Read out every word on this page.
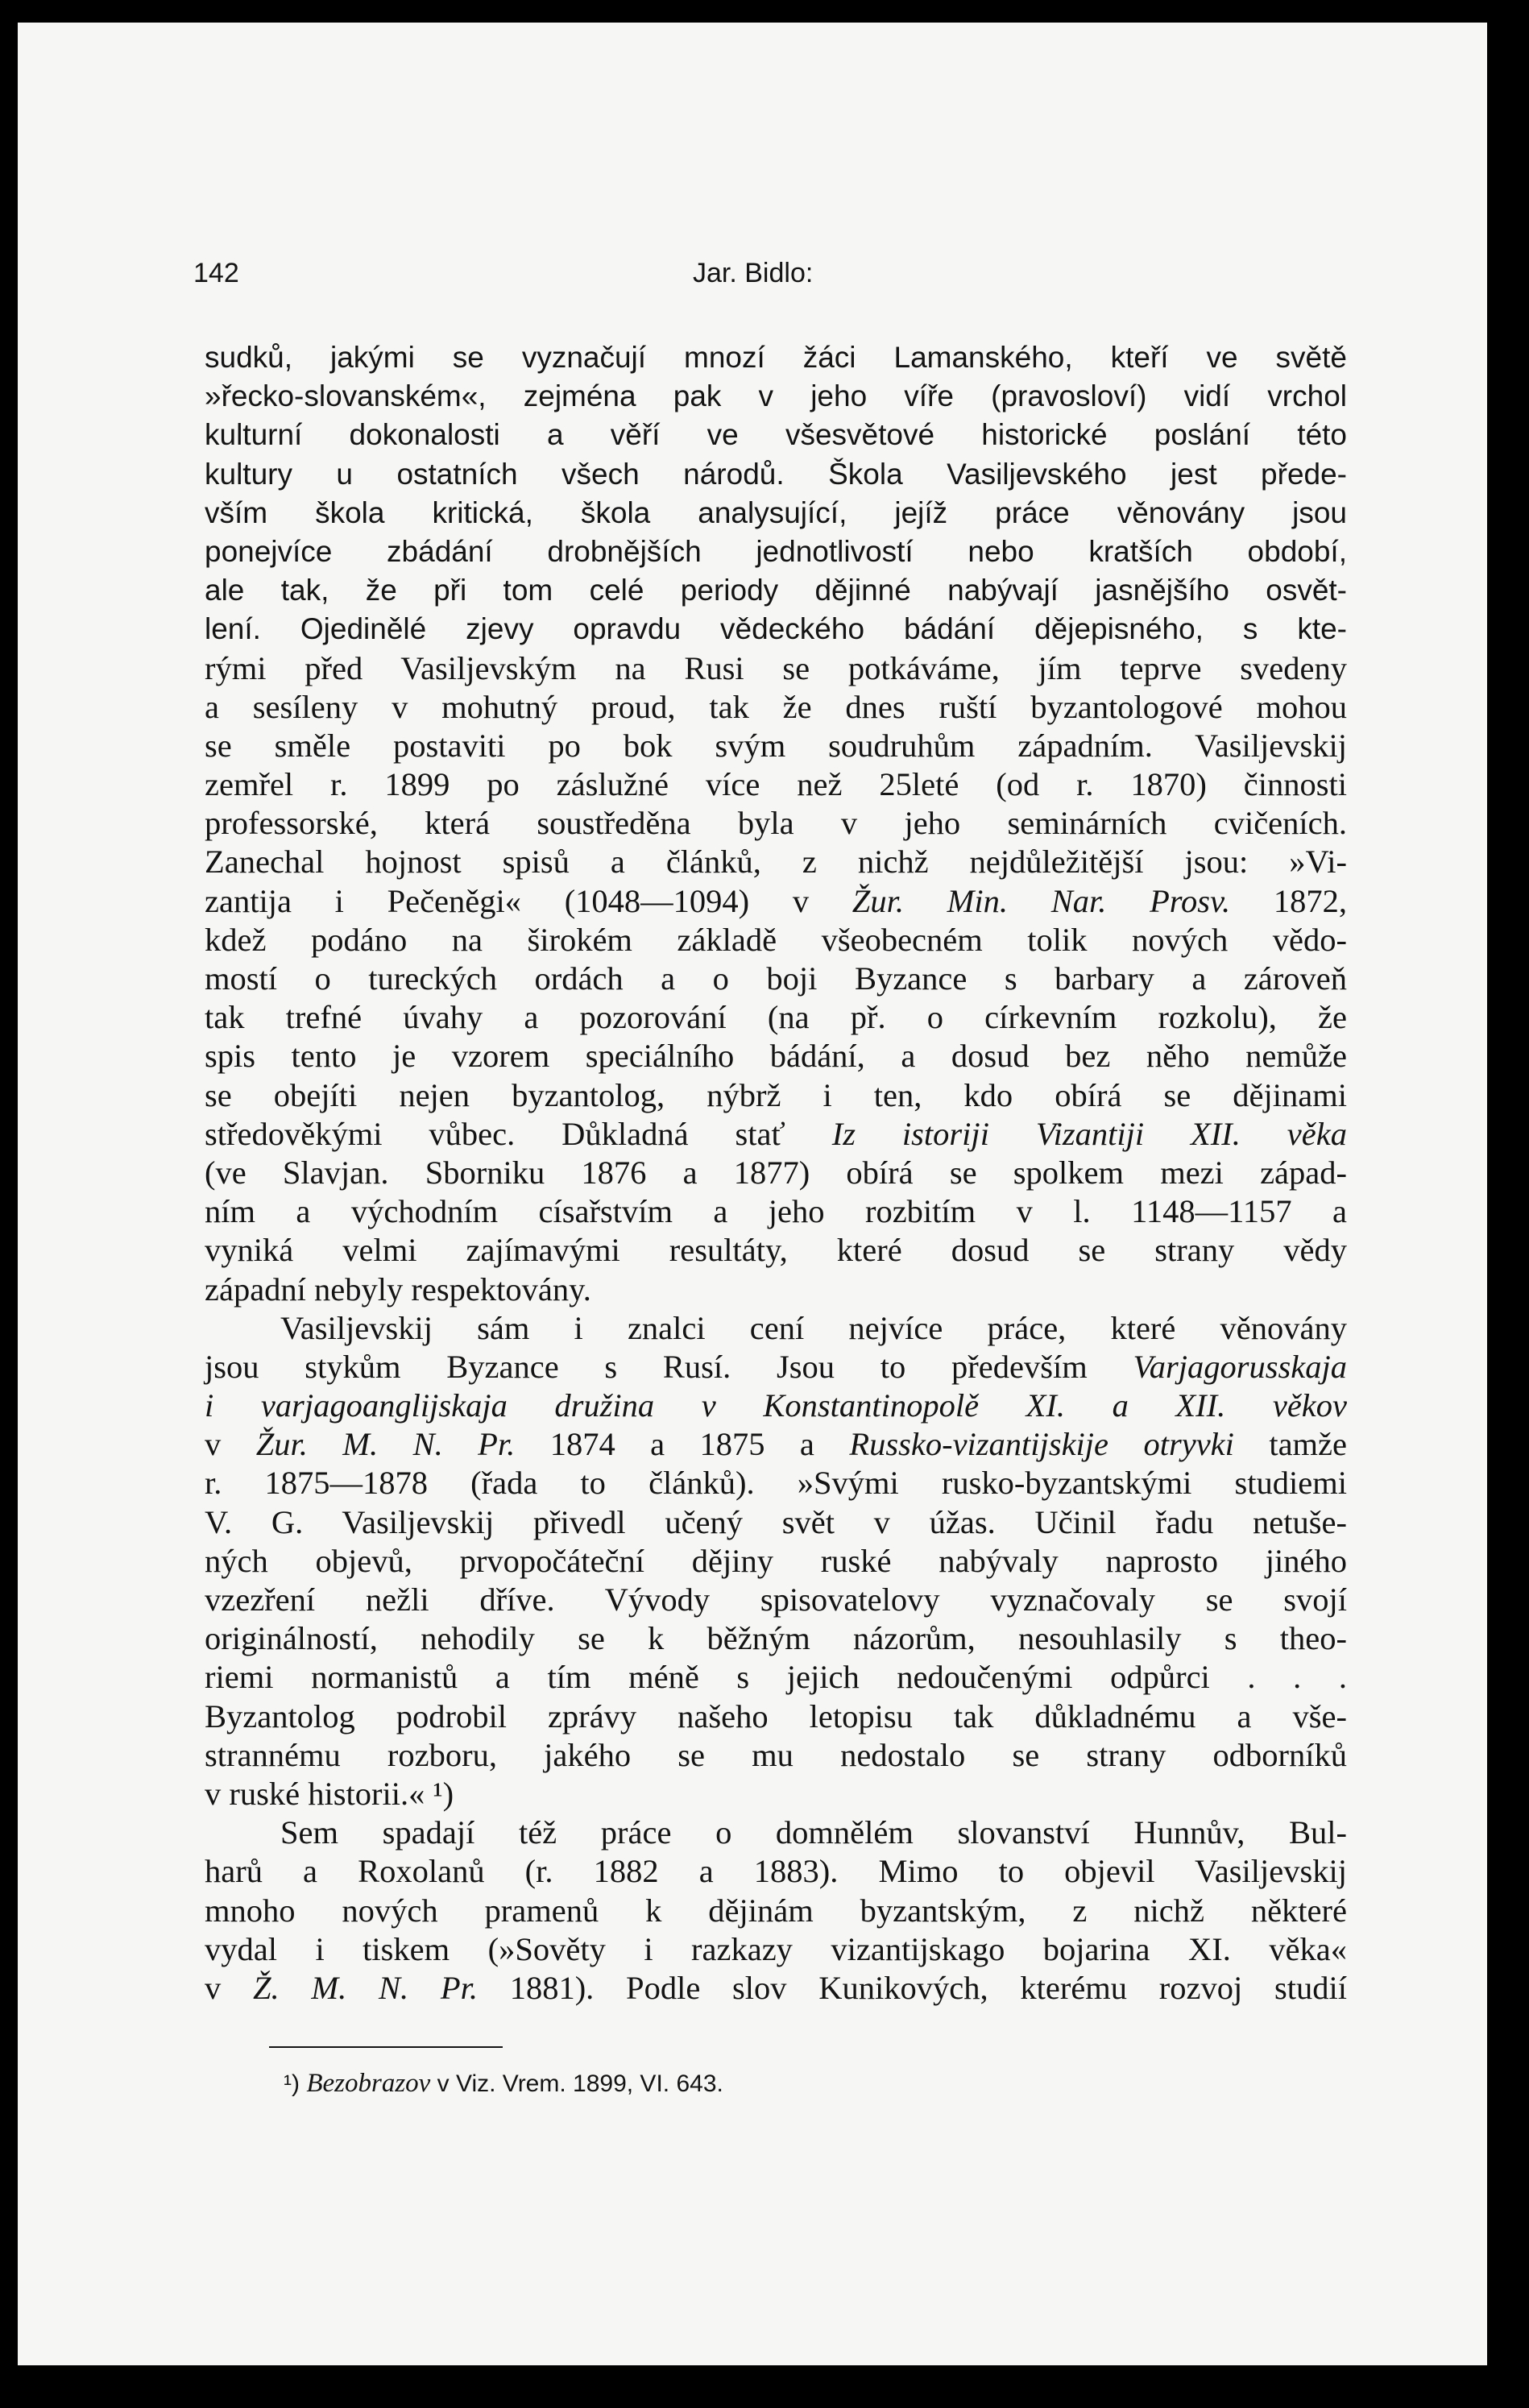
142	Jar. Bidlo:
sudků, jakými se vyznačují mnozí žáci Lamanského, kteří ve světě
»řecko-slovanském«, zejména pak v jeho víře (pravosloví) vidí vrchol
kulturní dokonalosti a věří ve všesvětové historické poslání této
kultury u ostatních všech národů. Škola Vasiljevského jest přede-
vším škola kritická, škola analysující, jejíž práce věnovány jsou
ponejvíce zbádání drobnějších jednotlivostí nebo kratších období,
ale tak, že při tom celé periody dějinné nabývají jasnějšího osvět-
lení. Ojedinělé zjevy opravdu vědeckého bádání dějepisného, s kte-
rými před Vasiljevským na Rusi se potkáváme, jím teprve svedeny
a sesíleny v mohutný proud, tak že dnes ruští byzantologové mohou
se směle postaviti po bok svým soudruhům západním. Vasiljevskij
zemřel r. 1899 po záslužné více než 25leté (od r. 1870) činnosti
professorské, která soustředěna byla v jeho seminárních cvičeních.
Zanechal hojnost spisů a článků, z nichž nejdůležitější jsou: »Vi-
zantija i Pečeněgi« (1048—1094) v Žur. Min. Nar. Prosv. 1872,
kdež podáno na širokém základě všeobecném tolik nových vědo-
mostí o tureckých ordách a o boji Byzance s barbary a zároveň
tak trefné úvahy a pozorování (na př. o církevním rozkolu), že
spis tento je vzorem speciálního bádání, a dosud bez něho nemůže
se obejíti nejen byzantolog, nýbrž i ten, kdo obírá se dějinami
středověkými vůbec. Důkladná stať Iz istoriji Vizantiji XII. věka
(ve Slavjan. Sborniku 1876 a 1877) obírá se spolkem mezi západ-
ním a východním císařstvím a jeho rozbitím v l. 1148—1157 a
vyniká velmi zajímavými resultáty, které dosud se strany vědy
západní nebyly respektovány.
Vasiljevskij sám i znalci cení nejvíce práce, které věnovány
jsou stykům Byzance s Rusí. Jsou to především Varjagorusskaja
i varjagoanglijskaja družina v Konstantinopolě XI. a XII. věkov
v Žur. M. N. Pr. 1874 a 1875 a Russko-vizantijskije otryvki tamže
r. 1875—1878 (řada to článků). »Svými rusko-byzantskými studiemi
V. G. Vasiljevskij přivedl učený svět v úžas. Učinil řadu netuše-
ných objevů, prvopočáteční dějiny ruské nabývaly naprosto jiného
vzezření nežli dříve. Vývody spisovatelovy vyznačovaly se svojí
originálností, nehodily se k běžným názorům, nesouhlasily s theo-
riemi normanistů a tím méně s jejich nedoučenými odpůrci . . .
Byzantolog podrobil zprávy našeho letopisu tak důkladnému a vše-
strannému rozboru, jakého se mu nedostalo se strany odborníků
v ruské historii.« ¹)
Sem spadají též práce o domnělém slovanství Hunnův, Bul-
harů a Roxolanů (r. 1882 a 1883). Mimo to objevil Vasiljevskij
mnoho nových pramenů k dějinám byzantským, z nichž některé
vydal i tiskem (»Sověty i razkazy vizantijskago bojarina XI. věka«
v Ž. M. N. Pr. 1881). Podle slov Kunikových, kterému rozvoj studií
¹) Bezobrazov v Viz. Vrem. 1899, VI. 643.
